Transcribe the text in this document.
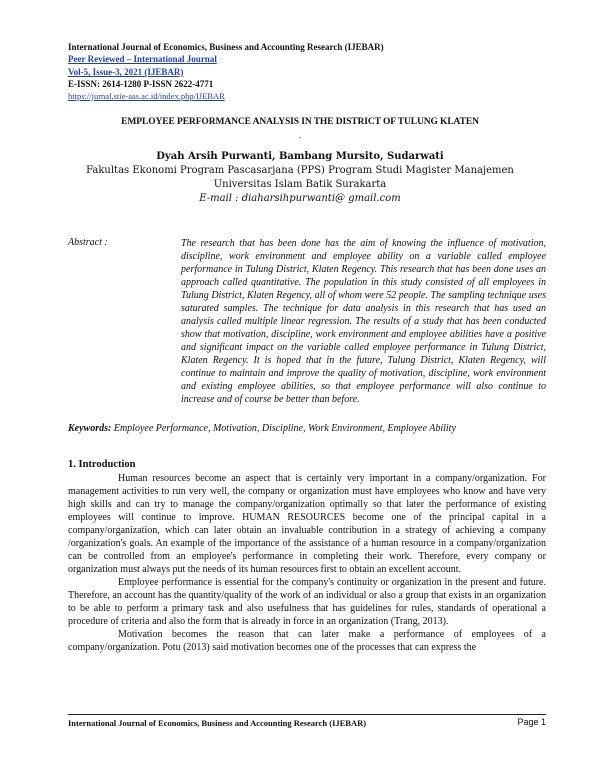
International Journal of Economics, Business and Accounting Research (IJEBAR)
Peer Reviewed – International Journal
Vol-5, Issue-3, 2021 (IJEBAR)
E-ISSN: 2614-1280 P-ISSN 2622-4771
https://jurnal.stie-aas.ac.id/index.php/IJEBAR
EMPLOYEE PERFORMANCE ANALYSIS IN THE DISTRICT OF TULUNG KLATEN
.
Dyah Arsih Purwanti, Bambang Mursito, Sudarwati
Fakultas Ekonomi Program Pascasarjana (PPS) Program Studi Magister Manajemen
Universitas Islam Batik Surakarta
E-mail : diaharsihpurwanti@ gmail.com
Abstract :	The research that has been done has the aim of knowing the influence of motivation, discipline, work environment and employee ability on a variable called employee performance in Tulung District, Klaten Regency. This research that has been done uses an approach called quantitative. The population in this study consisted of all employees in Tulung District, Klaten Regency, all of whom were 52 people. The sampling technique uses saturated samples. The technique for data analysis in this research that has used an analysis called multiple linear regression. The results of a study that has been conducted show that motivation, discipline, work environment and employee abilities have a positive and significant impact on the variable called employee performance in Tulung District, Klaten Regency. It is hoped that in the future, Tulung District, Klaten Regency, will continue to maintain and improve the quality of motivation, discipline, work environment and existing employee abilities, so that employee performance will also continue to increase and of course be better than before.
Keywords: Employee Performance, Motivation, Discipline, Work Environment, Employee Ability
1. Introduction

Human resources become an aspect that is certainly very important in a company/organization. For management activities to run very well, the company or organization must have employees who know and have very high skills and can try to manage the company/organization optimally so that later the performance of existing employees will continue to improve. HUMAN RESOURCES become one of the principal capital in a company/organization, which can later obtain an invaluable contribution in a strategy of achieving a company /organization's goals. An example of the importance of the assistance of a human resource in a company/organization can be controlled from an employee's performance in completing their work. Therefore, every company or organization must always put the needs of its human resources first to obtain an excellent account.

Employee performance is essential for the company's continuity or organization in the present and future. Therefore, an account has the quantity/quality of the work of an individual or also a group that exists in an organization to be able to perform a primary task and also usefulness that has guidelines for rules, standards of operational a procedure of criteria and also the form that is already in force in an organization (Trang, 2013).

Motivation becomes the reason that can later make a performance of employees of a company/organization. Potu (2013) said motivation becomes one of the processes that can express the

International Journal of Economics, Business and Accounting Research (IJEBAR)	Page 1
